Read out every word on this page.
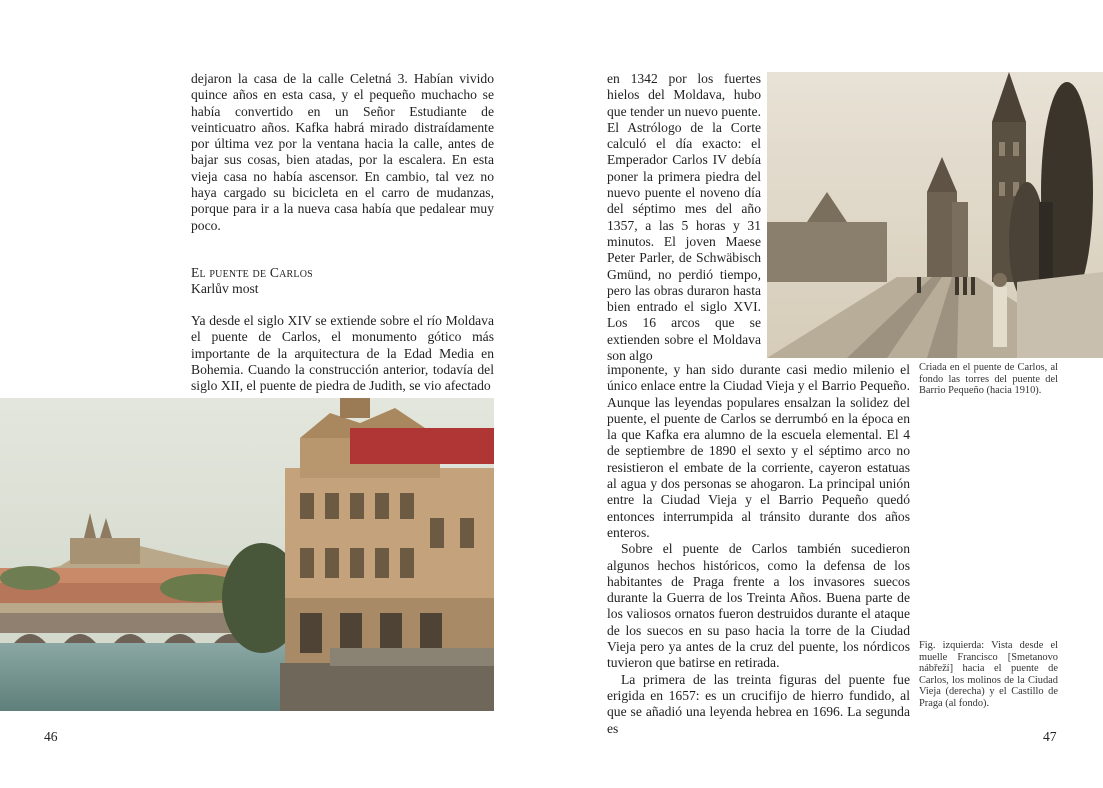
dejaron la casa de la calle Celetná 3. Habían vivido quince años en esta casa, y el pequeño muchacho se había convertido en un Señor Estudiante de veinticuatro años. Kafka habrá mirado distraídamente por última vez por la ventana hacia la calle, antes de bajar sus cosas, bien atadas, por la escalera. En esta vieja casa no había ascensor. En cambio, tal vez no haya cargado su bicicleta en el carro de mudanzas, porque para ir a la nueva casa había que pedalear muy poco.

El puente de Carlos
Karlův most

Ya desde el siglo XIV se extiende sobre el río Moldava el puente de Carlos, el monumento gótico más importante de la arquitectura de la Edad Media en Bohemia. Cuando la construcción anterior, todavía del siglo XII, el puente de piedra de Judith, se vio afectado

46

en 1342 por los fuertes hielos del Moldava, hubo que tender un nuevo puente. El Astrólogo de la Corte calculó el día exacto: el Emperador Carlos IV debía poner la primera piedra del nuevo puente el noveno día del séptimo mes del año 1357, a las 5 horas y 31 minutos. El joven Maese Peter Parler, de Schwäbisch Gmünd, no perdió tiempo, pero las obras duraron hasta bien entrado el siglo XVI. Los 16 arcos que se extienden sobre el Moldava son algo

imponente, y han sido durante casi medio milenio el único enlace entre la Ciudad Vieja y el Barrio Pequeño. Aunque las leyendas populares ensalzan la solidez del puente, el puente de Carlos se derrumbó en la época en la que Kafka era alumno de la escuela elemental. El 4 de septiembre de 1890 el sexto y el séptimo arco no resistieron el embate de la corriente, cayeron estatuas al agua y dos personas se ahogaron. La principal unión entre la Ciudad Vieja y el Barrio Pequeño quedó entonces interrumpida al tránsito durante dos años enteros.

Sobre el puente de Carlos también sucedieron algunos hechos históricos, como la defensa de los habitantes de Praga frente a los invasores suecos durante la Guerra de los Treinta Años. Buena parte de los valiosos ornatos fueron destruidos durante el ataque de los suecos en su paso hacia la torre de la Ciudad Vieja pero ya antes de la cruz del puente, los nórdicos tuvieron que batirse en retirada.

La primera de las treinta figuras del puente fue erigida en 1657: es un crucifijo de hierro fundido, al que se añadió una leyenda hebrea en 1696. La segunda es

Criada en el puente de Carlos, al fondo las torres del puente del Barrio Pequeño (hacia 1910).
Fig. izquierda: Vista desde el muelle Francisco [Smetanovo nábřeží] hacia el puente de Carlos, los molinos de la Ciudad Vieja (derecha) y el Castillo de Praga (al fondo).
47
